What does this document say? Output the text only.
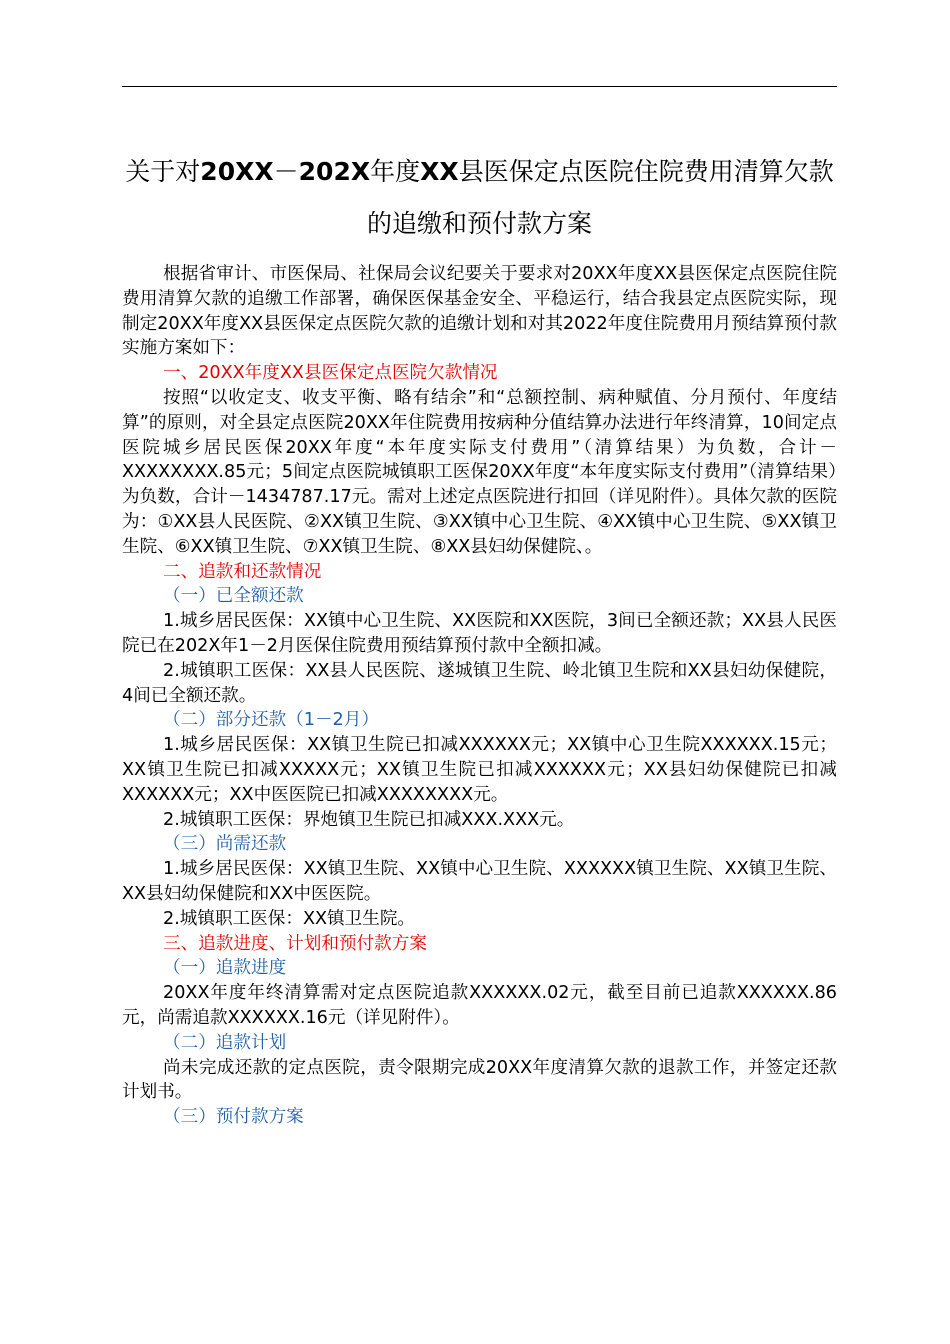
关于对20XX－202X年度XX县医保定点医院住院费用清算欠款的追缴和预付款方案

根据省审计、市医保局、社保局会议纪要关于要求对20XX年度XX县医保定点医院住院费用清算欠款的追缴工作部署，确保医保基金安全、平稳运行，结合我县定点医院实际，现制定20XX年度XX县医保定点医院欠款的追缴计划和对其2022年度住院费用月预结算预付款实施方案如下：

一、20XX年度XX县医保定点医院欠款情况

按照“以收定支、收支平衡、略有结余”和“总额控制、病种赋值、分月预付、年度结算”的原则，对全县定点医院20XX年住院费用按病种分值结算办法进行年终清算，10间定点医院城乡居民医保20XX年度“本年度实际支付费用”（清算结果）为负数，合计－XXXXXXXX.85元；5间定点医院城镇职工医保20XX年度“本年度实际支付费用”（清算结果）为负数，合计－1434787.17元。需对上述定点医院进行扣回（详见附件）。具体欠款的医院为：①XX县人民医院、②XX镇卫生院、③XX镇中心卫生院、④XX镇中心卫生院、⑤XX镇卫生院、⑥XX镇卫生院、⑦XX镇卫生院、⑧XX县妇幼保健院、。

二、追款和还款情况

（一）已全额还款

1.城乡居民医保：XX镇中心卫生院、XX医院和XX医院，3间已全额还款；XX县人民医院已在202X年1－2月医保住院费用预结算预付款中全额扣减。

2.城镇职工医保：XX县人民医院、遂城镇卫生院、岭北镇卫生院和XX县妇幼保健院，4间已全额还款。

（二）部分还款（1－2月）

1.城乡居民医保：XX镇卫生院已扣减XXXXXX元；XX镇中心卫生院XXXXXX.15元；XX镇卫生院已扣减XXXXX元；XX镇卫生院已扣减XXXXXX元；XX县妇幼保健院已扣减XXXXXX元；XX中医医院已扣减XXXXXXXX元。

2.城镇职工医保：界炮镇卫生院已扣减XXX.XXX元。

（三）尚需还款

1.城乡居民医保：XX镇卫生院、XX镇中心卫生院、XXXXXX镇卫生院、XX镇卫生院、XX县妇幼保健院和XX中医医院。

2.城镇职工医保：XX镇卫生院。

三、追款进度、计划和预付款方案

（一）追款进度

20XX年度年终清算需对定点医院追款XXXXXX.02元，截至目前已追款XXXXXX.86元，尚需追款XXXXXX.16元（详见附件）。

（二）追款计划

尚未完成还款的定点医院，责令限期完成20XX年度清算欠款的退款工作，并签定还款计划书。

（三）预付款方案
